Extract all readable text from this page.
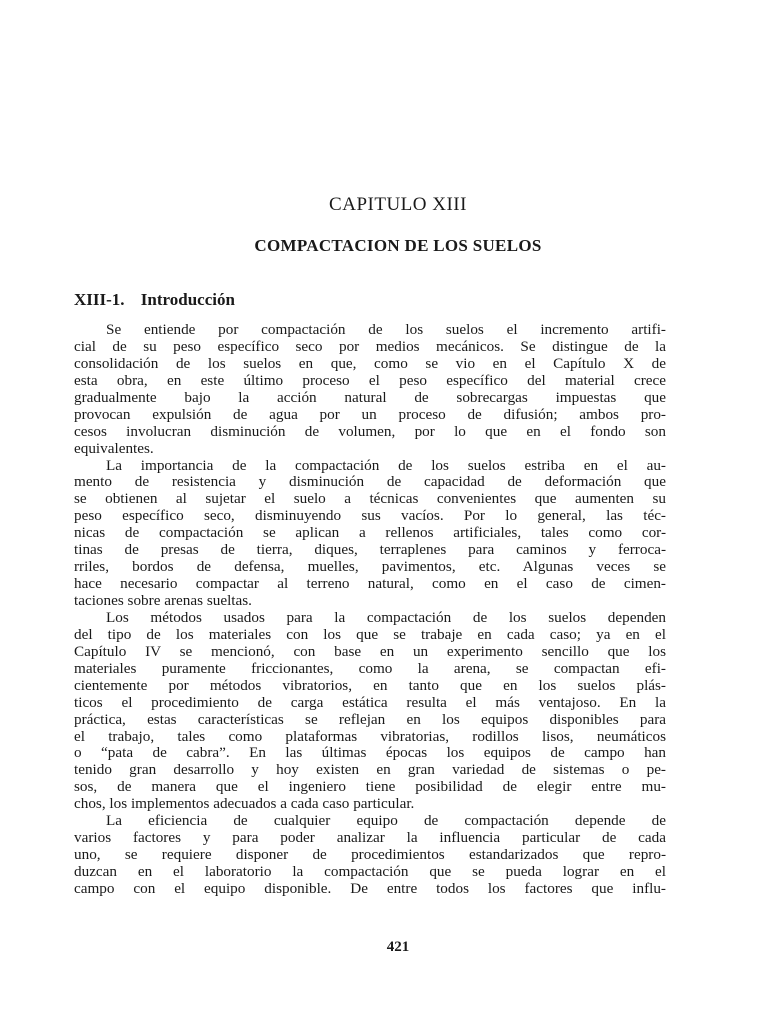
CAPITULO XIII
COMPACTACION DE LOS SUELOS
XIII-1. Introducción
Se entiende por compactación de los suelos el incremento artifi-
cial de su peso específico seco por medios mecánicos. Se distingue de la
consolidación de los suelos en que, como se vio en el Capítulo X de
esta obra, en este último proceso el peso específico del material crece
gradualmente bajo la acción natural de sobrecargas impuestas que
provocan expulsión de agua por un proceso de difusión; ambos pro-
cesos involucran disminución de volumen, por lo que en el fondo son
equivalentes.
La importancia de la compactación de los suelos estriba en el au-
mento de resistencia y disminución de capacidad de deformación que
se obtienen al sujetar el suelo a técnicas convenientes que aumenten su
peso específico seco, disminuyendo sus vacíos. Por lo general, las téc-
nicas de compactación se aplican a rellenos artificiales, tales como cor-
tinas de presas de tierra, diques, terraplenes para caminos y ferroca-
rriles, bordos de defensa, muelles, pavimentos, etc. Algunas veces se
hace necesario compactar al terreno natural, como en el caso de cimen-
taciones sobre arenas sueltas.
Los métodos usados para la compactación de los suelos dependen
del tipo de los materiales con los que se trabaje en cada caso; ya en el
Capítulo IV se mencionó, con base en un experimento sencillo que los
materiales puramente friccionantes, como la arena, se compactan efi-
cientemente por métodos vibratorios, en tanto que en los suelos plás-
ticos el procedimiento de carga estática resulta el más ventajoso. En la
práctica, estas características se reflejan en los equipos disponibles para
el trabajo, tales como plataformas vibratorias, rodillos lisos, neumáticos
o “pata de cabra”. En las últimas épocas los equipos de campo han
tenido gran desarrollo y hoy existen en gran variedad de sistemas o pe-
sos, de manera que el ingeniero tiene posibilidad de elegir entre mu-
chos, los implementos adecuados a cada caso particular.
La eficiencia de cualquier equipo de compactación depende de
varios factores y para poder analizar la influencia particular de cada
uno, se requiere disponer de procedimientos estandarizados que repro-
duzcan en el laboratorio la compactación que se pueda lograr en el
campo con el equipo disponible. De entre todos los factores que influ-
421
